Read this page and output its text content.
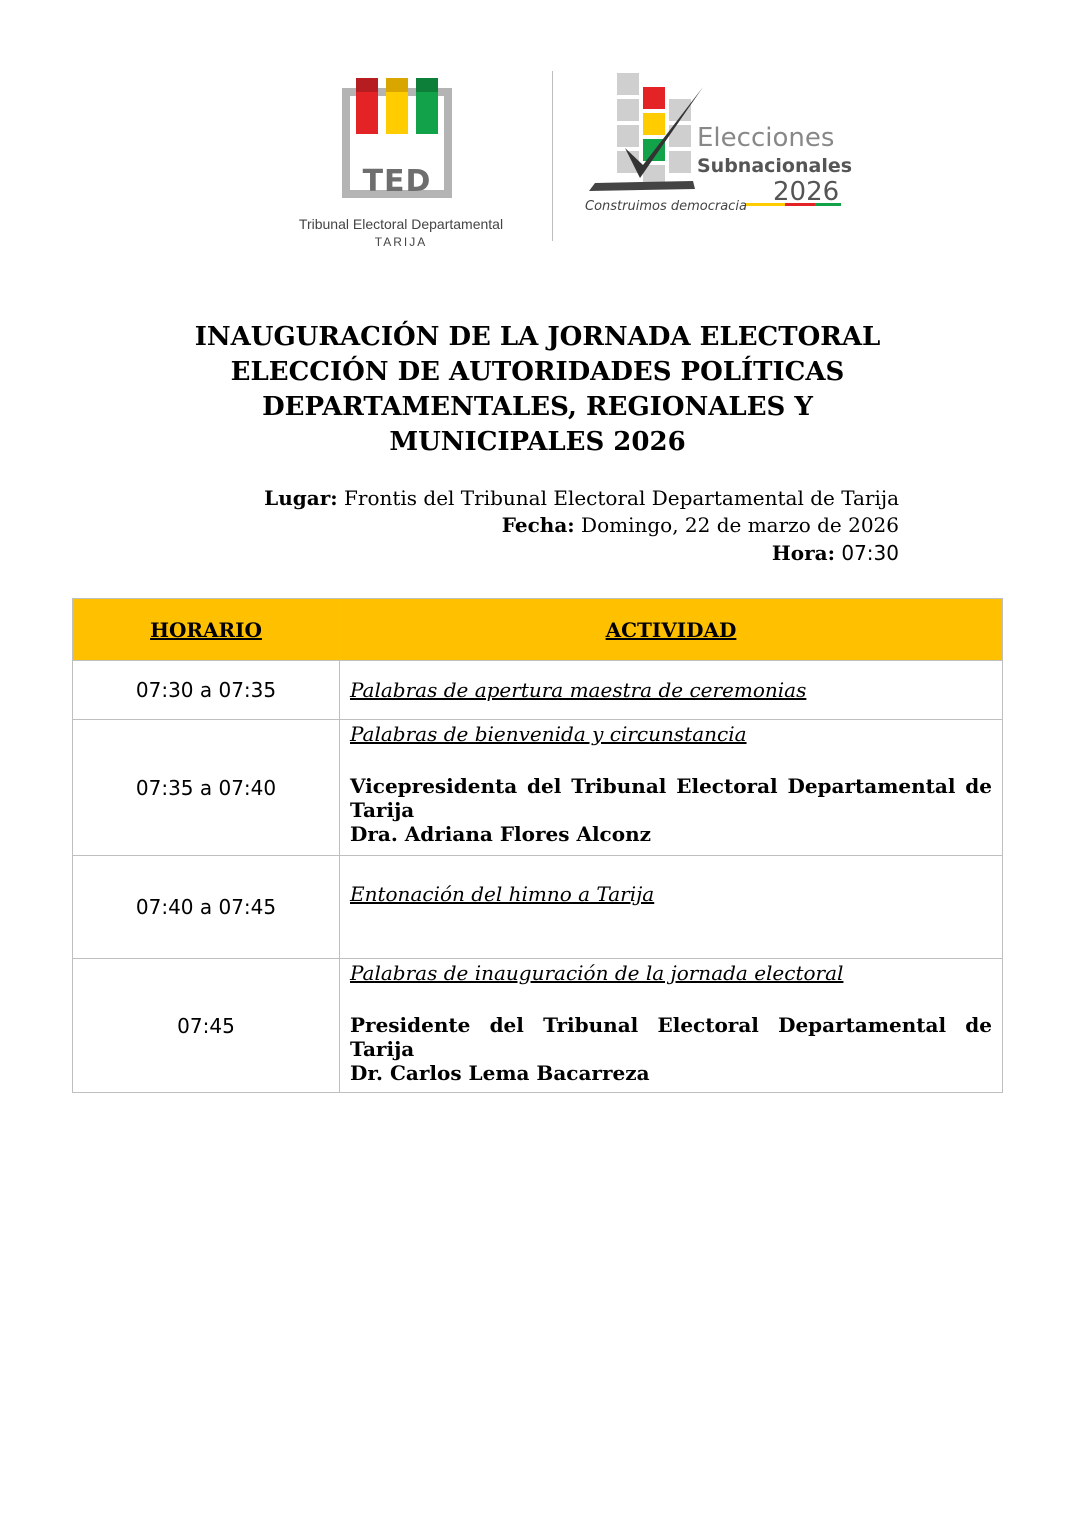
TED
Tribunal Electoral Departamental
TARIJA
Elecciones
Subnacionales
2026
Construimos democracia
INAUGURACIÓN DE LA JORNADA ELECTORAL
ELECCIÓN DE AUTORIDADES POLÍTICAS
DEPARTAMENTALES, REGIONALES Y
MUNICIPALES 2026
Lugar: Frontis del Tribunal Electoral Departamental de Tarija
Fecha: Domingo, 22 de marzo de 2026
Hora: 07:30
HORARIO	ACTIVIDAD
07:30 a 07:35	Palabras de apertura maestra de ceremonias

07:35 a 07:40	Palabras de bienvenida y circunstancia
Vicepresidenta del Tribunal Electoral Departamental de Tarija
Dra. Adriana Flores Alconz

07:40 a 07:45	Entonación del himno a Tarija

07:45	Palabras de inauguración de la jornada electoral
Presidente del Tribunal Electoral Departamental de Tarija
Dr. Carlos Lema Bacarreza
